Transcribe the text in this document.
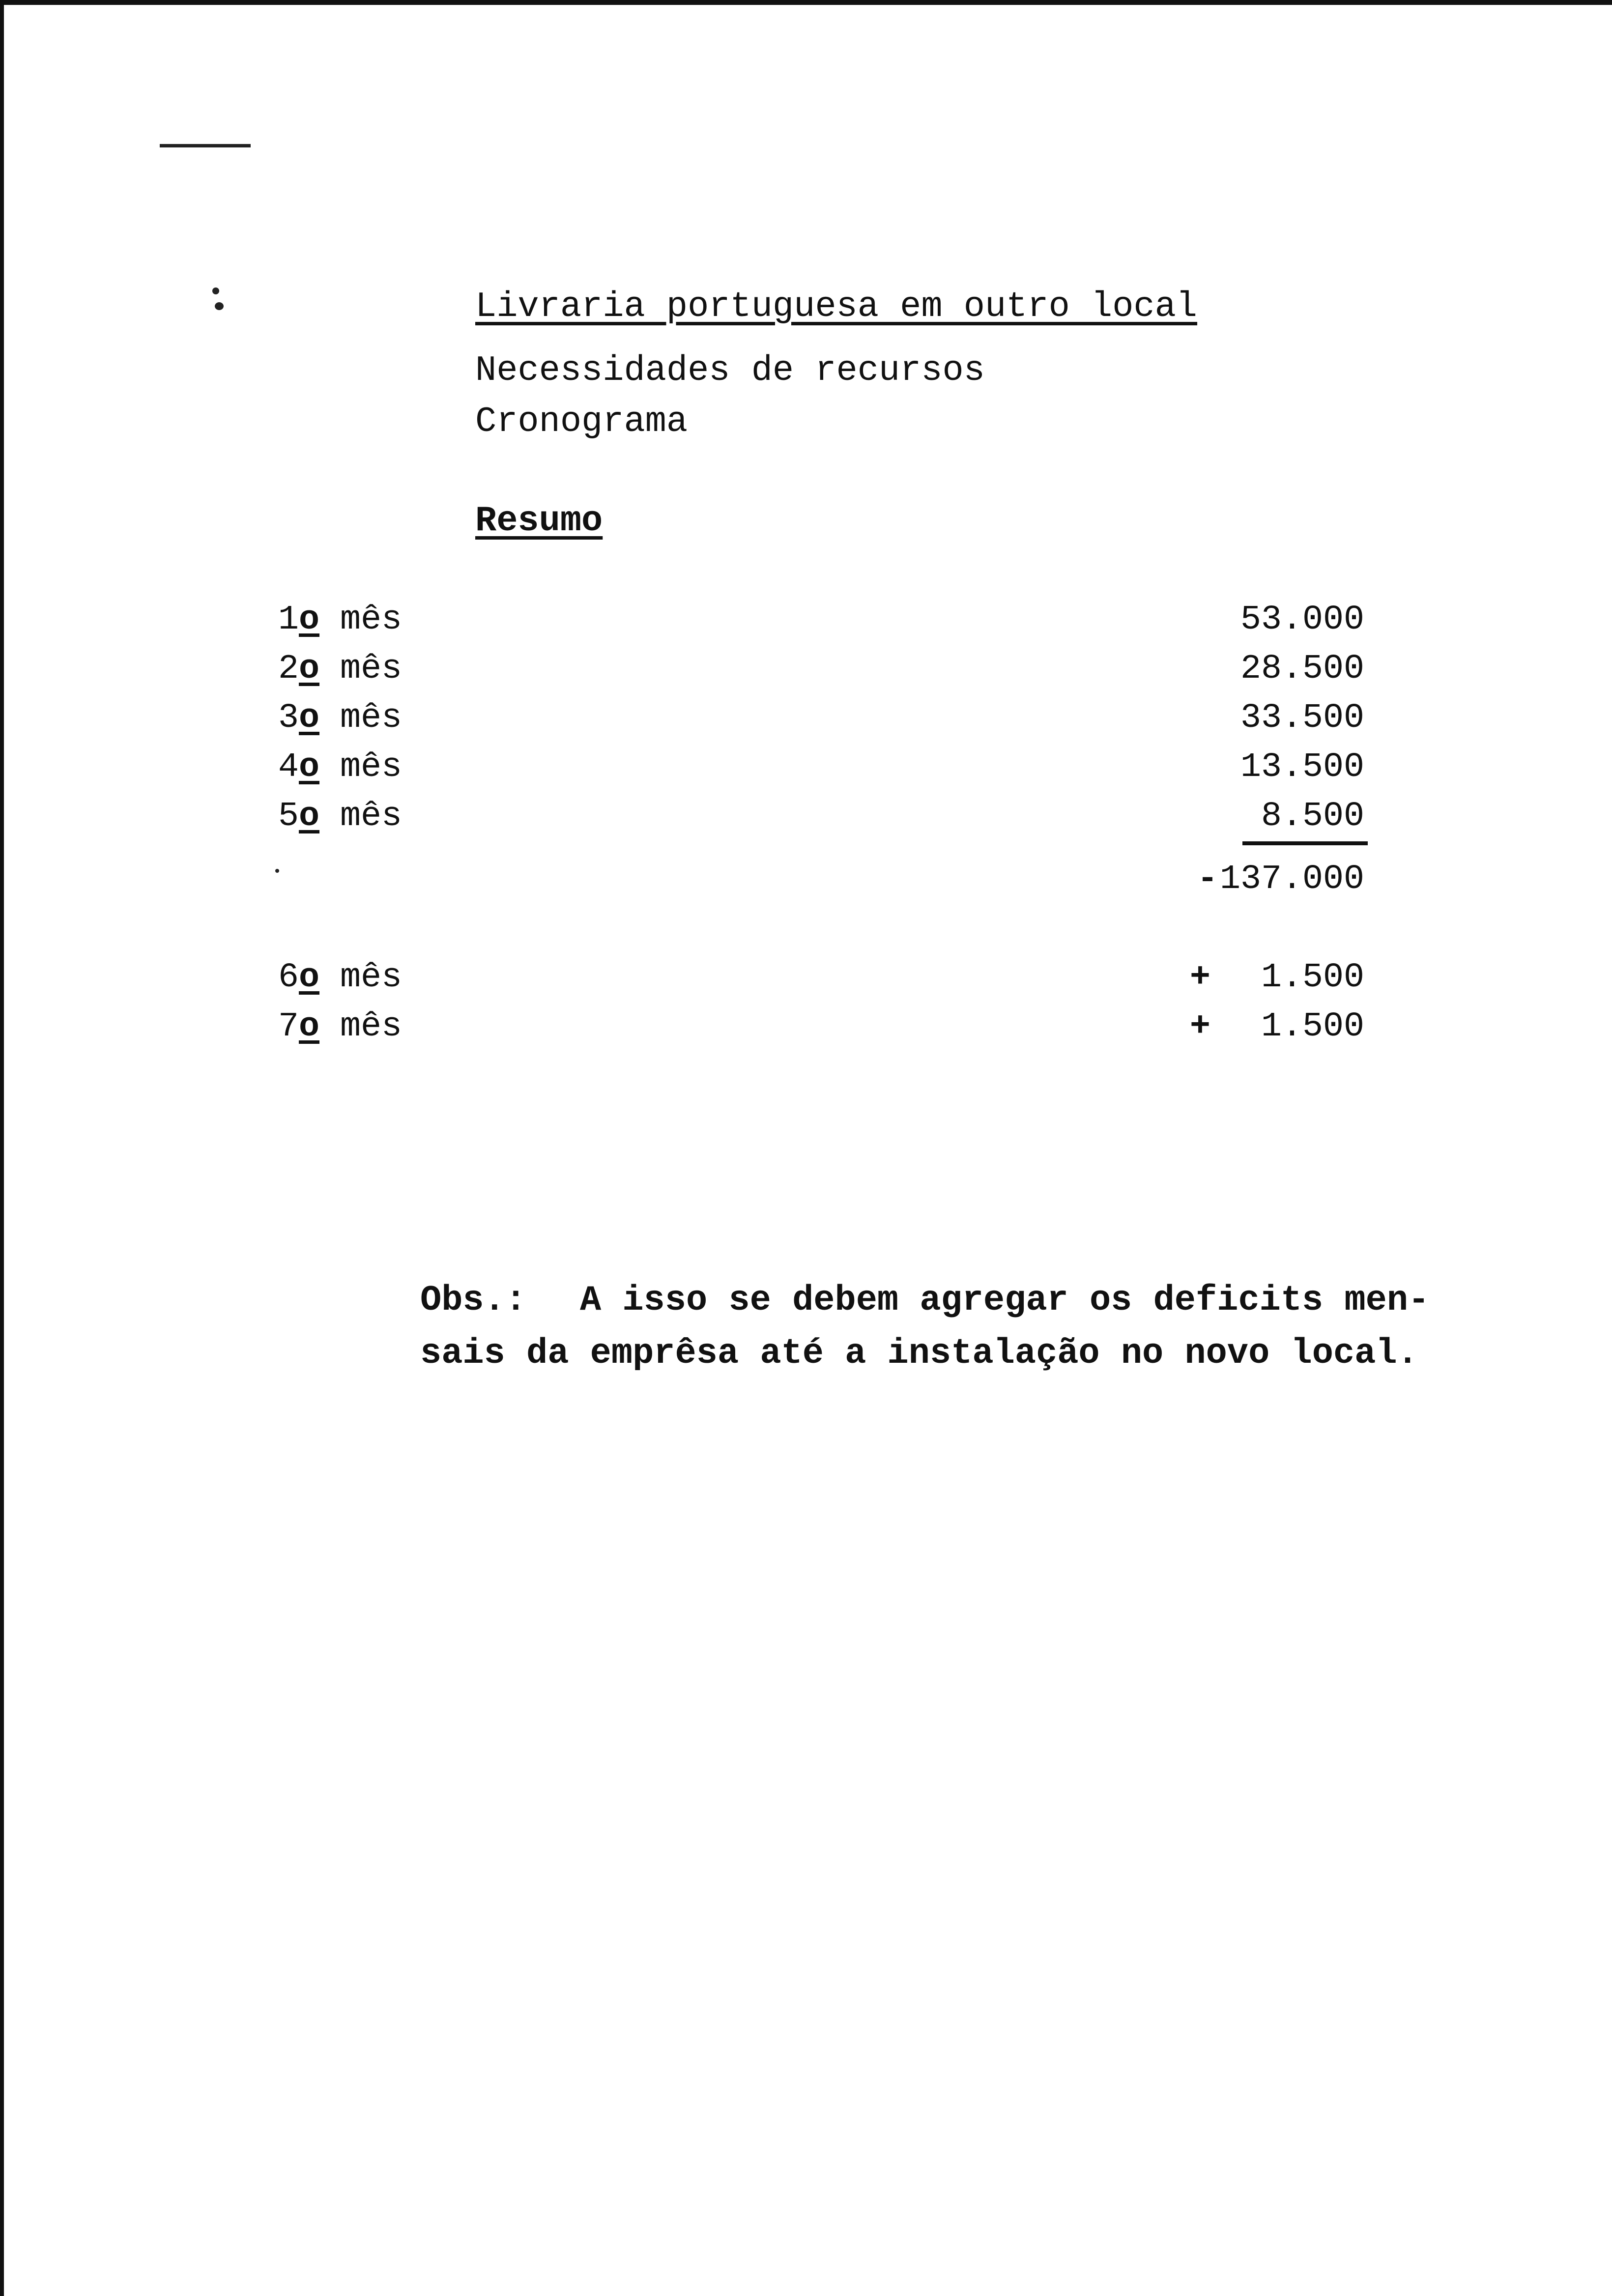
Livraria portuguesa em outro local
Necessidades de recursos
Cronograma
Resumo
1o mês	53.000
2o mês	28.500
3o mês	33.500
4o mês	13.500
5o mês	8.500
- 137.000
6o mês	+ 1.500
7o mês	+ 1.500
Obs.: A isso se debem agregar os deficits men-
sais da emprêsa até a instalação no novo local.
